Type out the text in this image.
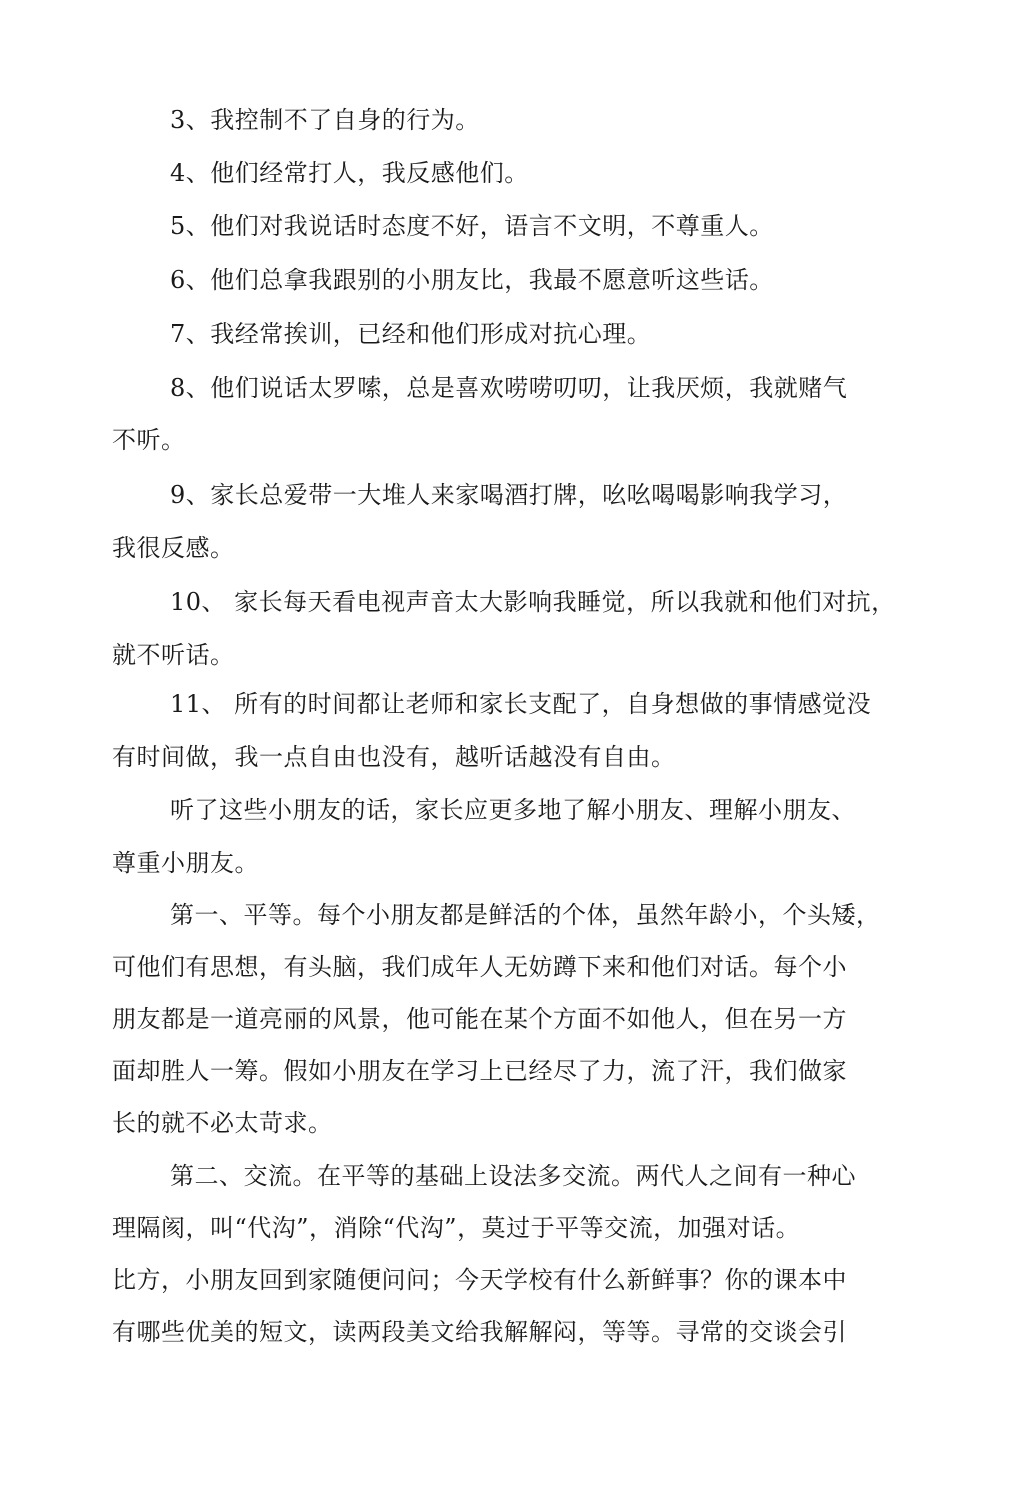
3、我控制不了自身的行为。
4、他们经常打人，我反感他们。
5、他们对我说话时态度不好，语言不文明，不尊重人。
6、他们总拿我跟别的小朋友比，我最不愿意听这些话。
7、我经常挨训，已经和他们形成对抗心理。
8、他们说话太罗嗦，总是喜欢唠唠叨叨，让我厌烦，我就赌气
不听。
9、家长总爱带一大堆人来家喝酒打牌，吆吆喝喝影响我学习，
我很反感。
10、 家长每天看电视声音太大影响我睡觉，所以我就和他们对抗，
就不听话。
11、 所有的时间都让老师和家长支配了，自身想做的事情感觉没
有时间做，我一点自由也没有，越听话越没有自由。
听了这些小朋友的话，家长应更多地了解小朋友、理解小朋友、
尊重小朋友。
第一、平等。每个小朋友都是鲜活的个体，虽然年龄小，个头矮，
可他们有思想，有头脑，我们成年人无妨蹲下来和他们对话。每个小
朋友都是一道亮丽的风景，他可能在某个方面不如他人，但在另一方
面却胜人一筹。假如小朋友在学习上已经尽了力，流了汗，我们做家
长的就不必太苛求。
第二、交流。在平等的基础上设法多交流。两代人之间有一种心
理隔阂，叫“代沟”，消除“代沟”，莫过于平等交流，加强对话。
比方，小朋友回到家随便问问；今天学校有什么新鲜事？你的课本中
有哪些优美的短文，读两段美文给我解解闷，等等。寻常的交谈会引
